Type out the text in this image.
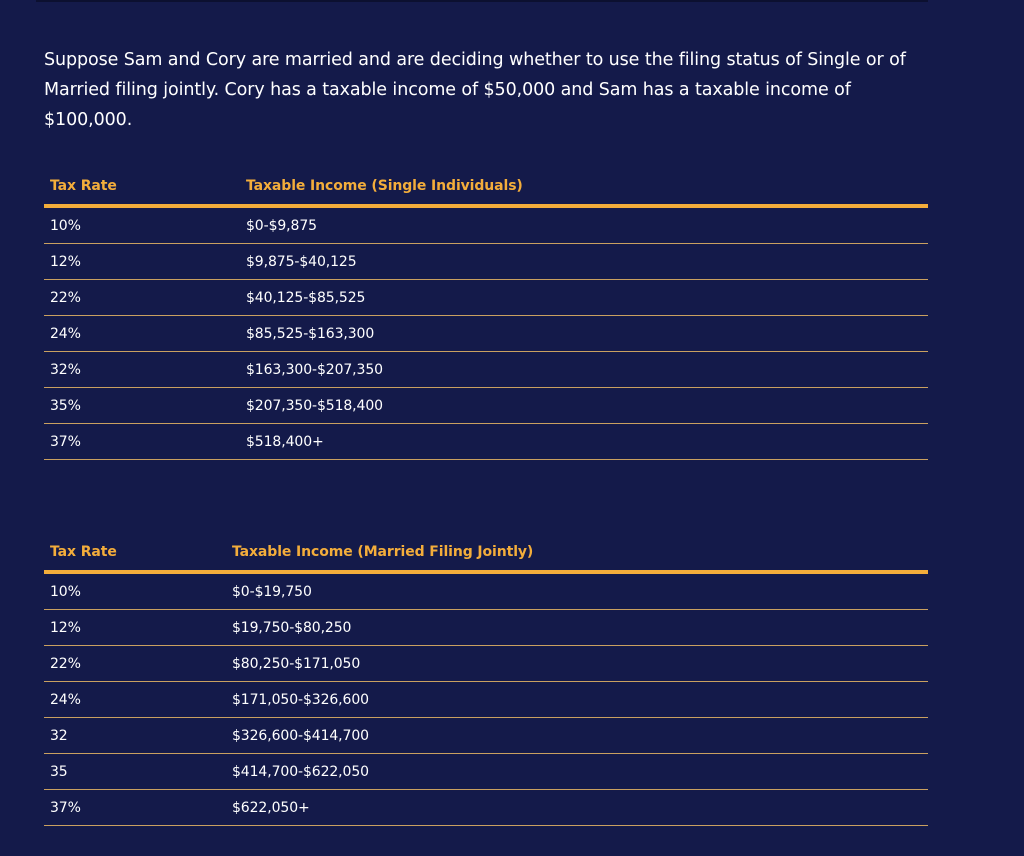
Suppose Sam and Cory are married and are deciding whether to use the filing status of Single or of Married filing jointly. Cory has a taxable income of $50,000 and Sam has a taxable income of $100,000.

Tax Rate	Taxable Income (Single Individuals)
10%	$0-$9,875
12%	$9,875-$40,125
22%	$40,125-$85,525
24%	$85,525-$163,300
32%	$163,300-$207,350
35%	$207,350-$518,400
37%	$518,400+
Tax Rate	Taxable Income (Married Filing Jointly)
10%	$0-$19,750
12%	$19,750-$80,250
22%	$80,250-$171,050
24%	$171,050-$326,600
32	$326,600-$414,700
35	$414,700-$622,050
37%	$622,050+
